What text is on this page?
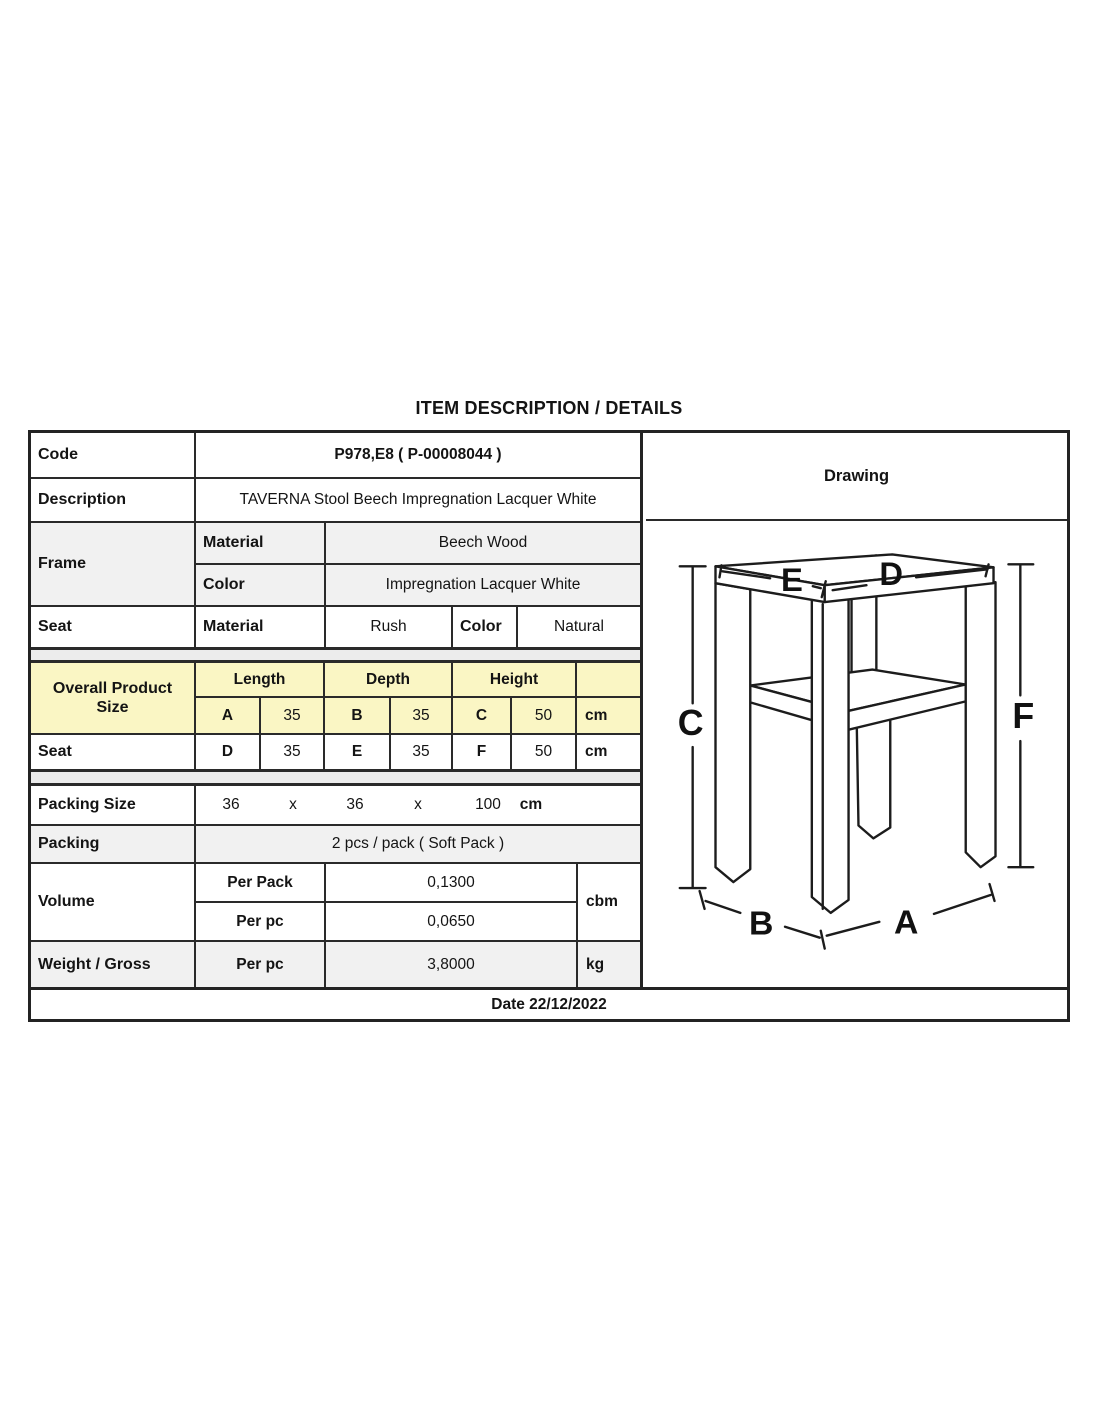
ITEM DESCRIPTION / DETAILS
Code	P978,E8 ( P-00008044 )
Description	TAVERNA Stool Beech Impregnation Lacquer White
Frame
Material	Beech Wood
Color	Impregnation Lacquer White
Seat	Material	Rush	Color	Natural
Overall Product
Size
Length	Depth	Height
A	35	B	35	C	50	cm
Seat	D	35	E	35	F	50	cm
Packing Size	36	x	36	x	100	cm
Packing	2 pcs / pack ( Soft Pack )
Volume
Per Pack	0,1300
Per pc	0,0650
cbm
Weight / Gross	Per pc	3,8000	kg
Drawing
C	F
E D
B	A
Date 22/12/2022
